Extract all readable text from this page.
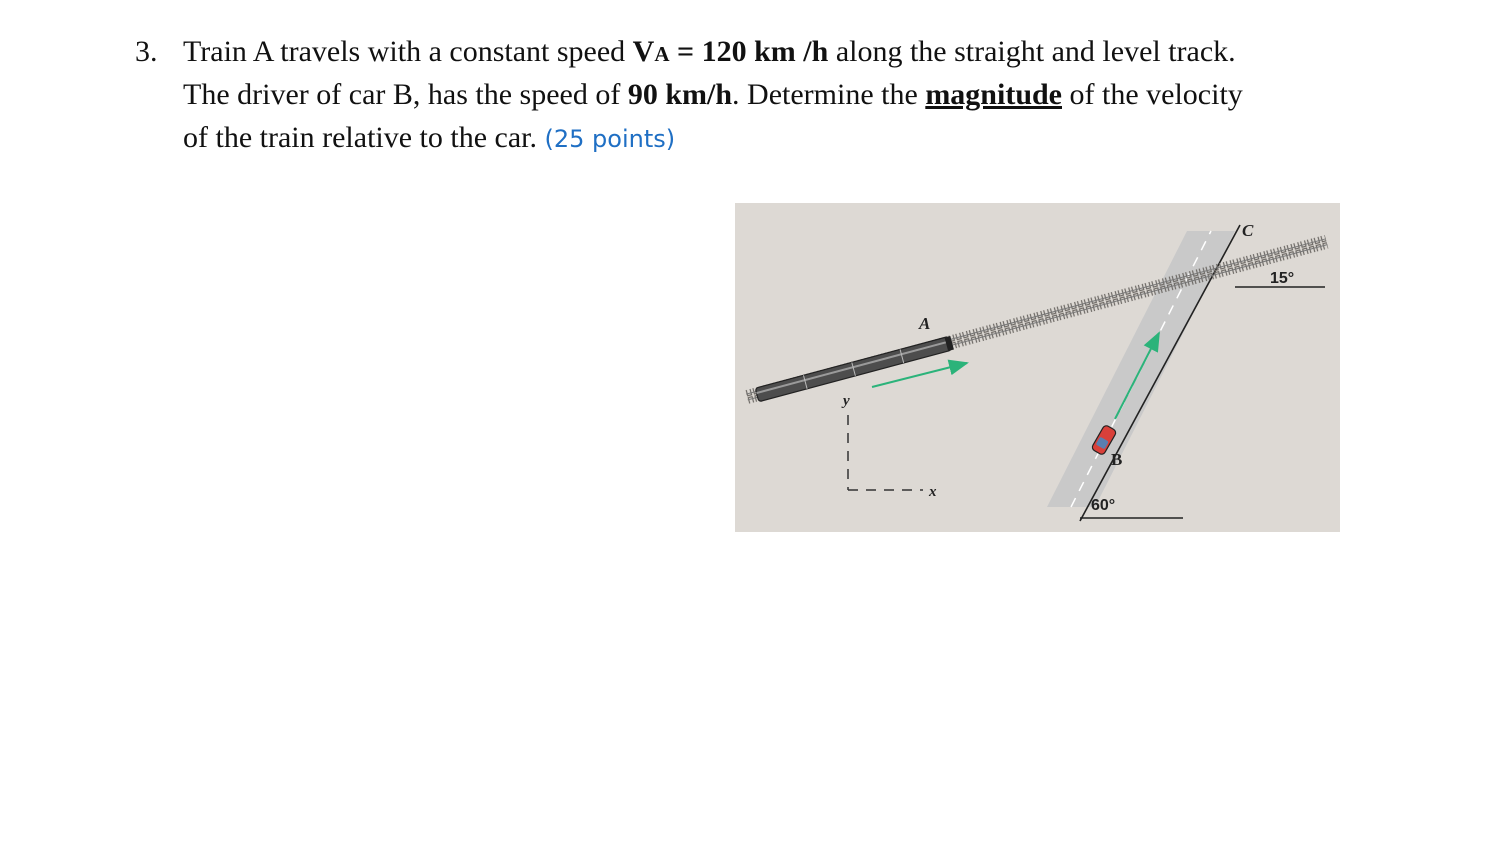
3. Train A travels with a constant speed VA = 120 km /h along the straight and level track.
The driver of car B, has the speed of 90 km/h. Determine the magnitude of the velocity
of the train relative to the car. (25 points)
A
B
C
y
x
60°
15°
